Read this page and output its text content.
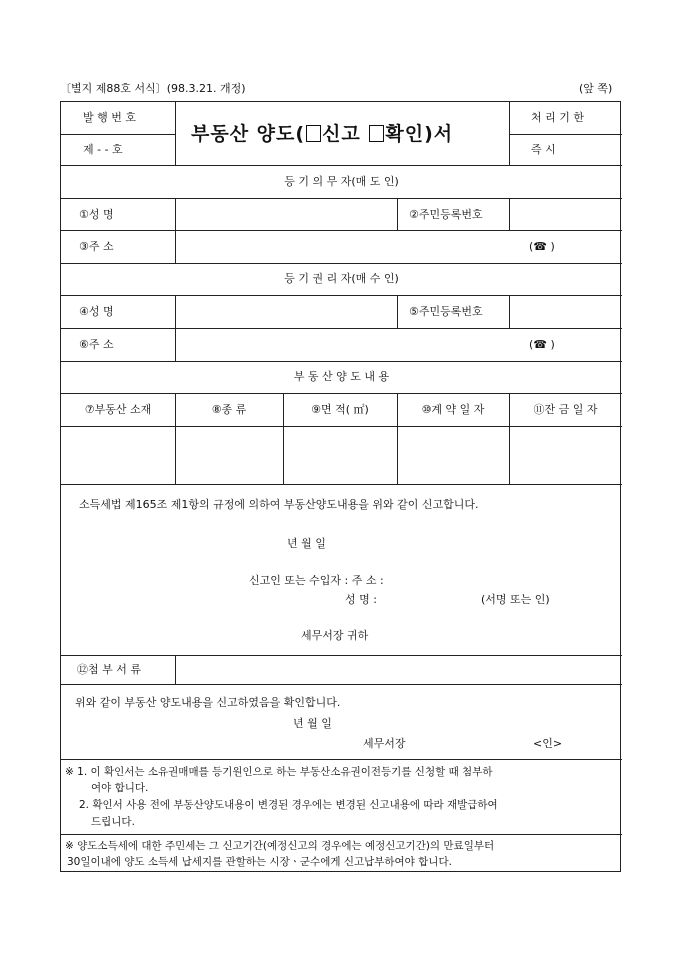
〔별지 제88호 서식〕(98.3.21. 개정)	(앞 쪽)
발 행 번 호
제 - - 호
부동산 양도( 신고 확인)서
처 리 기 한
즉 시
등 기 의 무 자(매 도 인)
①성 명	②주민등록번호
③주 소	(☎ )
등 기 권 리 자(매 수 인)
④성 명	⑤주민등록번호
⑥주 소	(☎ )
부 동 산 양 도 내 용
⑦부동산 소재	⑧종 류	⑨면 적( ㎡)	⑩계 약 일 자	⑪잔 금 일 자
소득세법 제165조 제1항의 규정에 의하여 부동산양도내용을 위와 같이 신고합니다.
년 월 일
신고인 또는 수입자 : 주 소 :
성 명 :	(서명 또는 인)
세무서장 귀하
⑫첨 부 서 류
위와 같이 부동산 양도내용을 신고하였음을 확인합니다.
년 월 일
세무서장	<인>
※ 1. 이 확인서는 소유권매매를 등기원인으로 하는 부동산소유권이전등기를 신청할 때 첨부하
여야 합니다.
2. 확인서 사용 전에 부동산양도내용이 변경된 경우에는 변경된 신고내용에 따라 재발급하여
드립니다.
※ 양도소득세에 대한 주민세는 그 신고기간(예정신고의 경우에는 예정신고기간)의 만료일부터
30일이내에 양도 소득세 납세지를 관할하는 시장ㆍ군수에게 신고납부하여야 합니다.
